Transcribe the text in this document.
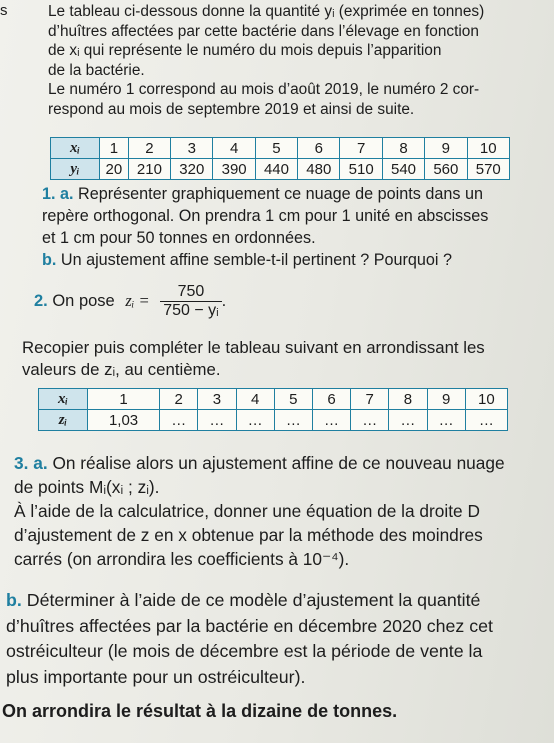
s	Le tableau ci-dessous donne la quantité yᵢ (exprimée en tonnes)

d’huîtres affectées par cette bactérie dans l’élevage en fonction

de xᵢ qui représente le numéro du mois depuis l’apparition

de la bactérie.

Le numéro 1 correspond au mois d’août 2019, le numéro 2 cor-

respond au mois de septembre 2019 et ainsi de suite.

xᵢ	1	2	3	4	5	6	7	8	9	10
yᵢ	20	210	320	390	440	480	510	540	560	570

1. a. Représenter graphiquement ce nuage de points dans un

repère orthogonal. On prendra 1 cm pour 1 unité en abscisses

et 1 cm pour 50 tonnes en ordonnées.

b. Un ajustement affine semble-t-il pertinent ? Pourquoi ?

2. On pose zᵢ = $\frac{750}{\text{750 − yᵢ}}$ .

Recopier puis compléter le tableau suivant en arrondissant les

valeurs de zᵢ, au centième.

xᵢ	1	2	3	4	5	6	7	8	9	10
zᵢ	1,03	…	…	…	…	…	…	…	…	…

3. a. On réalise alors un ajustement affine de ce nouveau nuage

de points Mᵢ(xᵢ ; zᵢ).

À l’aide de la calculatrice, donner une équation de la droite D

d’ajustement de z en x obtenue par la méthode des moindres

carrés (on arrondira les coefficients à 10⁻⁴).

b. Déterminer à l’aide de ce modèle d’ajustement la quantité

d’huîtres affectées par la bactérie en décembre 2020 chez cet

ostréiculteur (le mois de décembre est la période de vente la

plus importante pour un ostréiculteur).

On arrondira le résultat à la dizaine de tonnes.
